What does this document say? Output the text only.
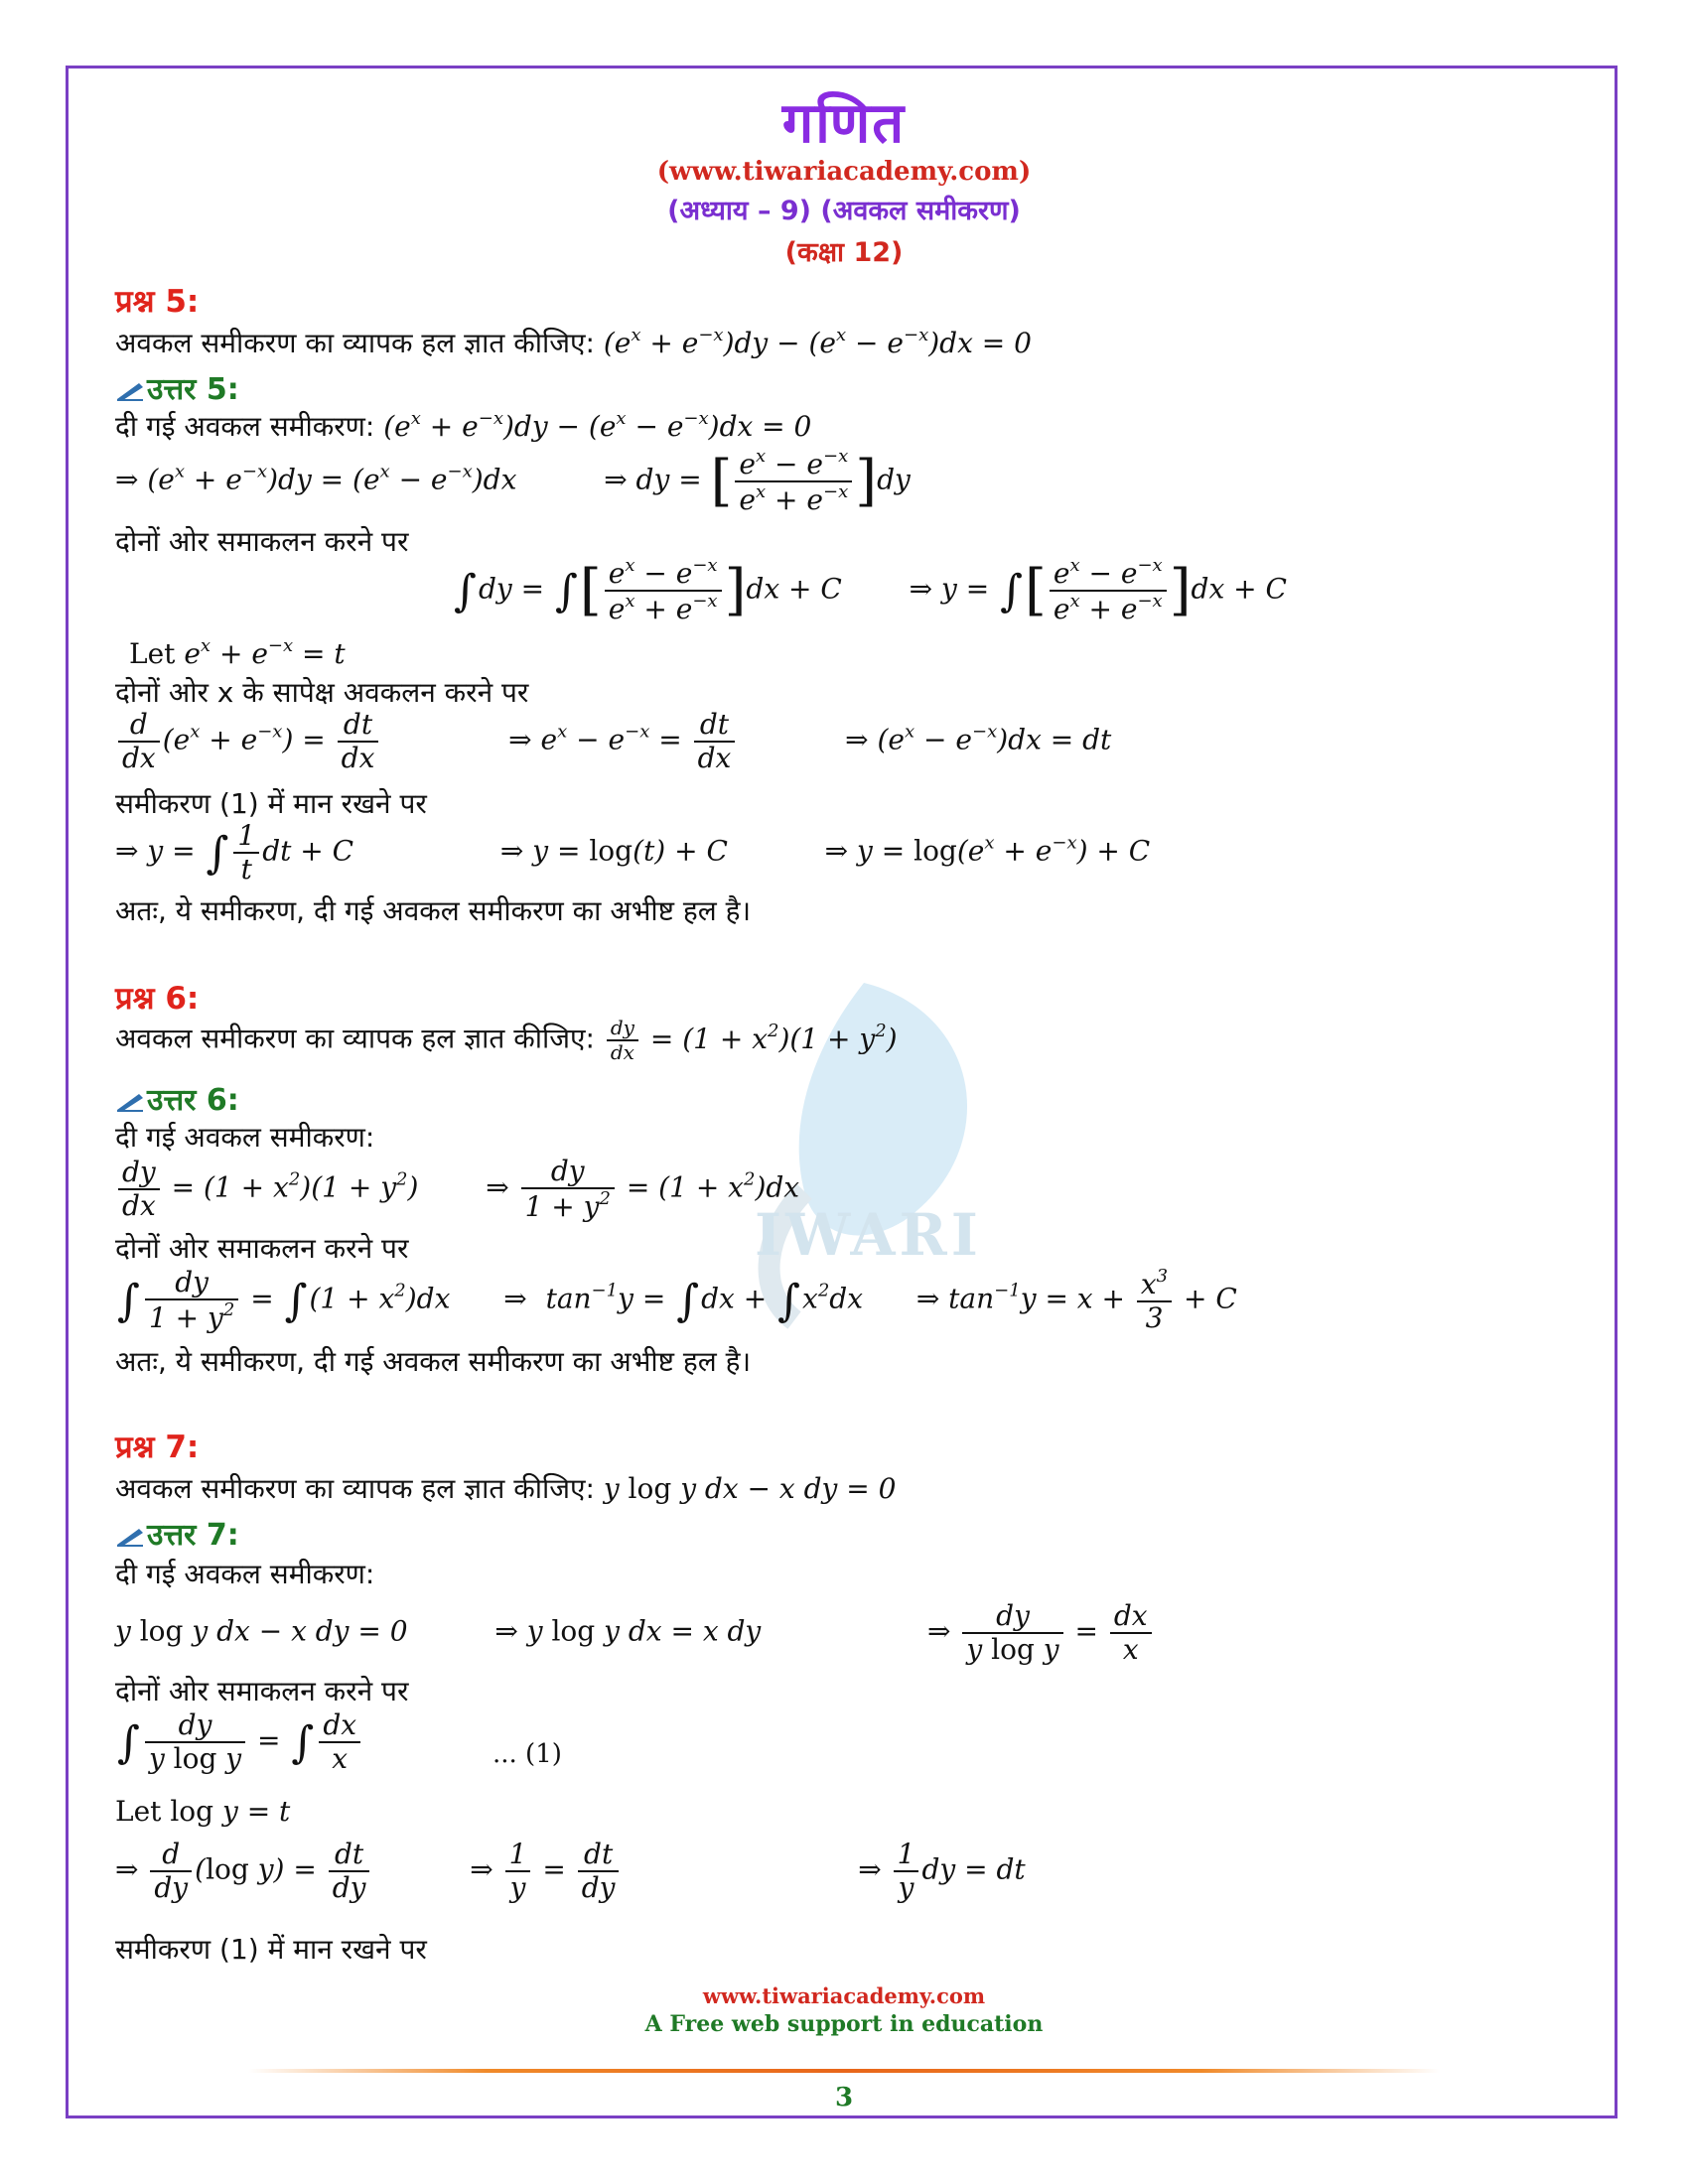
IWARI
गणित
(www.tiwariacademy.com)
(अध्याय – 9) (अवकल समीकरण)
(कक्षा 12)
प्रश्न 5:
अवकल समीकरण का व्यापक हल ज्ञात कीजिए: $(e^x + e^{-x})dy - (e^x - e^{-x})dx = 0$
उत्तर 5:
दी गई अवकल समीकरण: $(e^x + e^{-x})dy - (e^x - e^{-x})dx = 0$
⇒ $(e^x + e^{-x})dy = (e^x - e^{-x})dx$	⇒ dy = [ $\frac{e^x - e^{-x}}{e^x + e^{-x}} ]dy$
दोनों ओर समाकलन करने पर
∫dy = ∫[ $\frac{e^x - e^{-x}}{e^x + e^{-x}} ]dx + C$  ⇒ y = ∫[ $\frac{e^x - e^{-x}}{e^x + e^{-x}} ]dx + C$
Let $e^x + e^{-x} = t$
दोनों ओर x के सापेक्ष अवकलन करने पर
$\frac{d}{dx} (e^x + e^{-x}) = \frac{dt}{dx}$	⇒ $e^x - e^{-x} = \frac{dt}{dx}$	⇒ $(e^x - e^{-x})dx$ = dt
समीकरण (1) में मान रखने पर
⇒ y = ∫ $\frac{1}{t}$ dt + C	⇒ y = log(t) + C	⇒ $y = \log(e^x + e^{-x}) + C$
अतः, ये समीकरण, दी गई अवकल समीकरण का अभीष्ट हल है।
प्रश्न 6:
अवकल समीकरण का व्यापक हल ज्ञात कीजिए: $\frac{dy}{dx} = (1 + x^2)(1 + y^2)$
उत्तर 6:
दी गई अवकल समीकरण:
$\frac{dy}{dx} = (1 + x^2)(1 + y^2)$  ⇒ $\frac{dy}{1 + y^2} = (1 + x^2)dx$
दोनों ओर समाकलन करने पर
∫ $\frac{dy}{1 + y^2} = \int(1 + x^2)dx$  ⇒ $\tan^{-1}y = \int dx + \int x^2dx$  ⇒ $\tan^{-1}y = x + \frac{x^3}{3} + C$
अतः, ये समीकरण, दी गई अवकल समीकरण का अभीष्ट हल है।
प्रश्न 7:
अवकल समीकरण का व्यापक हल ज्ञात कीजिए: y log y dx − x dy = 0
उत्तर 7:
दी गई अवकल समीकरण:
y log y dx − x dy = 0	⇒ y log y dx = x dy	⇒ $\frac{dy}{\text{y log y}} = \frac{dx}{x}$
दोनों ओर समाकलन करने पर
∫ $\frac{dy}{\text{y log y}}$ = ∫ $\frac{dx}{x}$	... (1)
Let log y = t
⇒ $\frac{d}{dy} (\log$ $y) = \frac{dt}{dy}$	⇒ $\frac{1}{y} = \frac{dt}{dy}$	⇒ $\frac{1}{y}$ dy = dt
समीकरण (1) में मान रखने पर
www.tiwariacademy.com
A Free web support in education
3
